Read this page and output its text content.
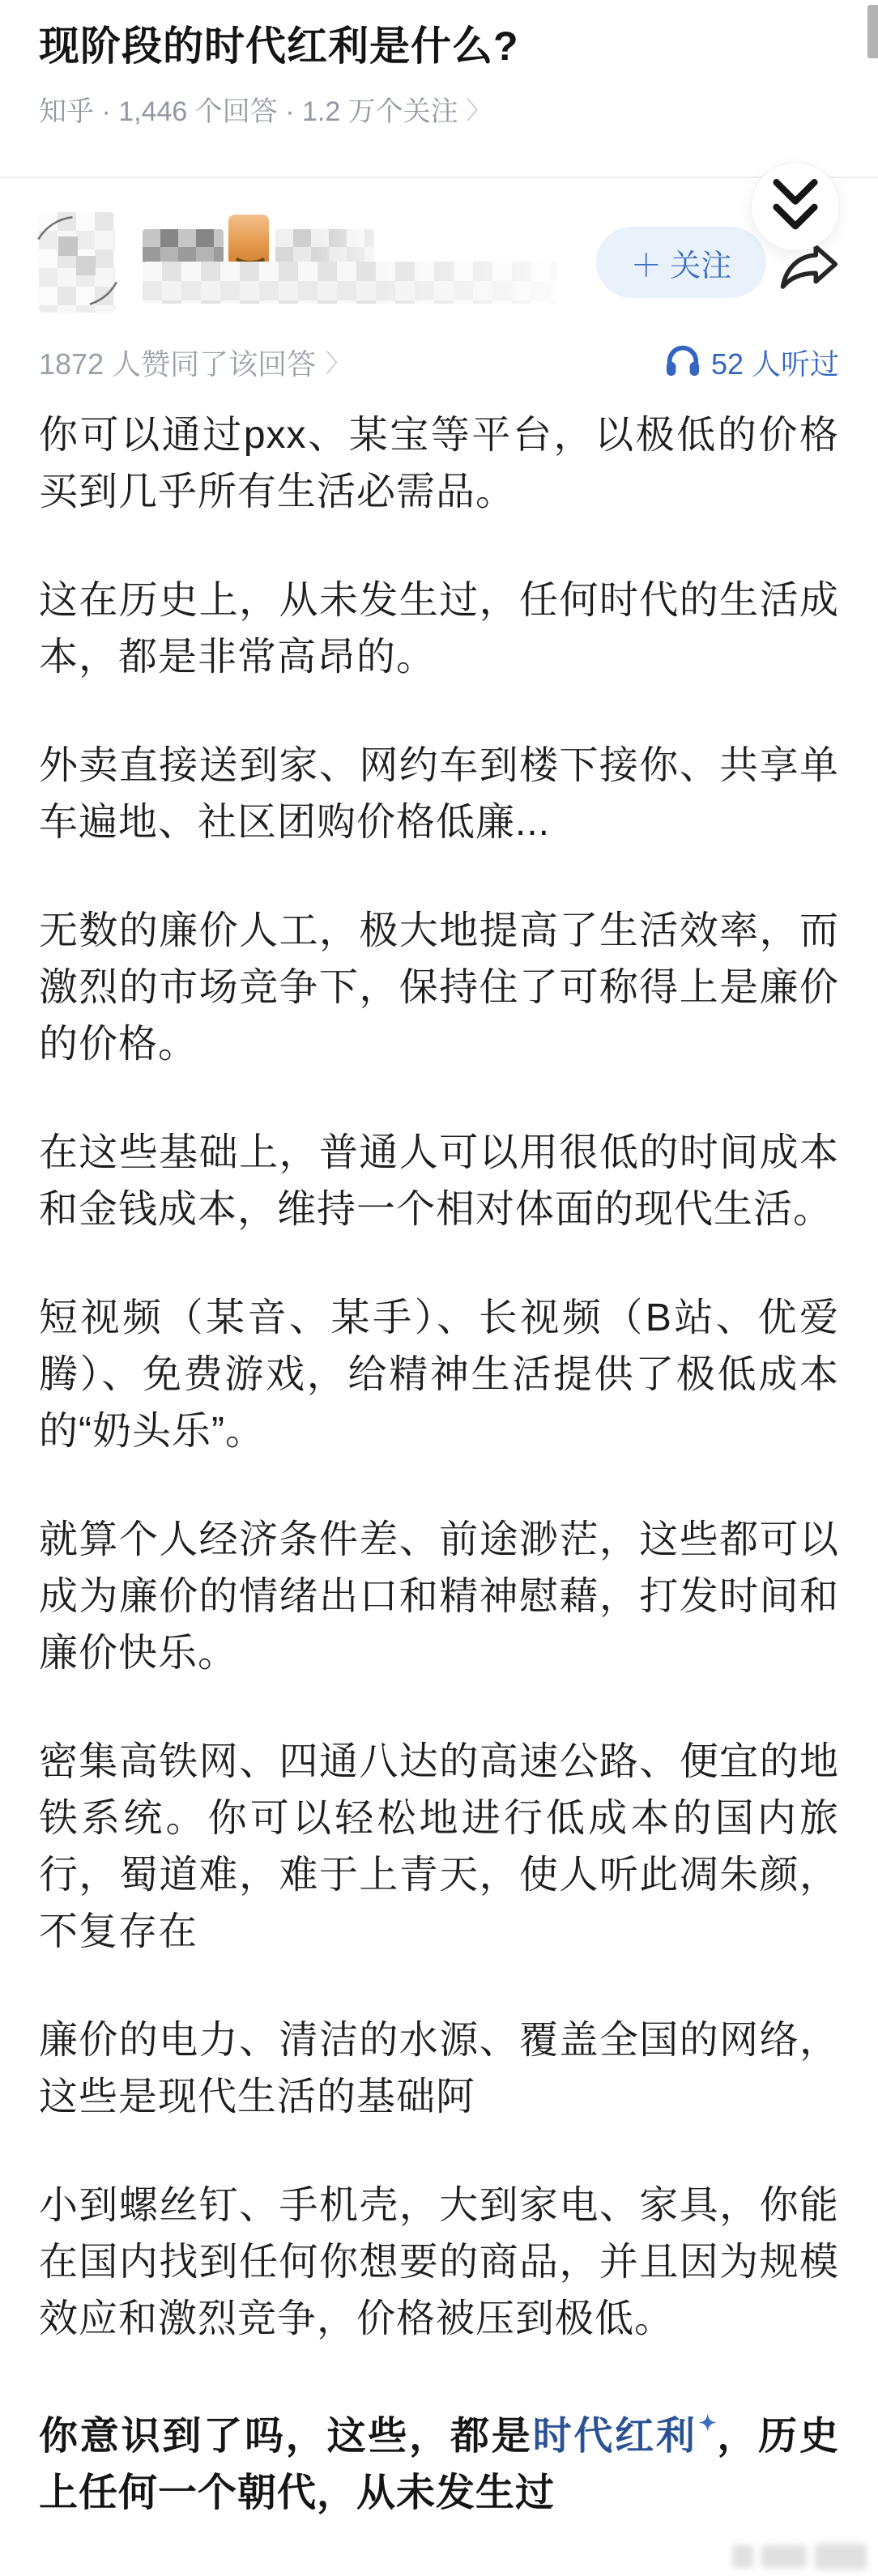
现阶段的时代红利是什么?
知乎 · 1,446 个回答 · 1.2 万个关注 〉
＋ 关注
1872 人赞同了该回答 〉	52 人听过

你可以通过pxx、某宝等平台，以极低的价格买到几乎所有生活必需品。

这在历史上，从未发生过，任何时代的生活成本，都是非常高昂的。

外卖直接送到家、网约车到楼下接你、共享单车遍地、社区团购价格低廉...

无数的廉价人工，极大地提高了生活效率，而激烈的市场竞争下，保持住了可称得上是廉价的价格。

在这些基础上，普通人可以用很低的时间成本和金钱成本，维持一个相对体面的现代生活。

短视频（某音、某手）、长视频（B站、优爱腾）、免费游戏，给精神生活提供了极低成本的“奶头乐”。

就算个人经济条件差、前途渺茫，这些都可以成为廉价的情绪出口和精神慰藉，打发时间和廉价快乐。

密集高铁网、四通八达的高速公路、便宜的地铁系统。你可以轻松地进行低成本的国内旅行，蜀道难，难于上青天，使人听此凋朱颜，不复存在

廉价的电力、清洁的水源、覆盖全国的网络，这些是现代生活的基础阿

小到螺丝钉、手机壳，大到家电、家具，你能在国内找到任何你想要的商品，并且因为规模效应和激烈竞争，价格被压到极低。

你意识到了吗，这些，都是时代红利✦，历史上任何一个朝代，从未发生过
